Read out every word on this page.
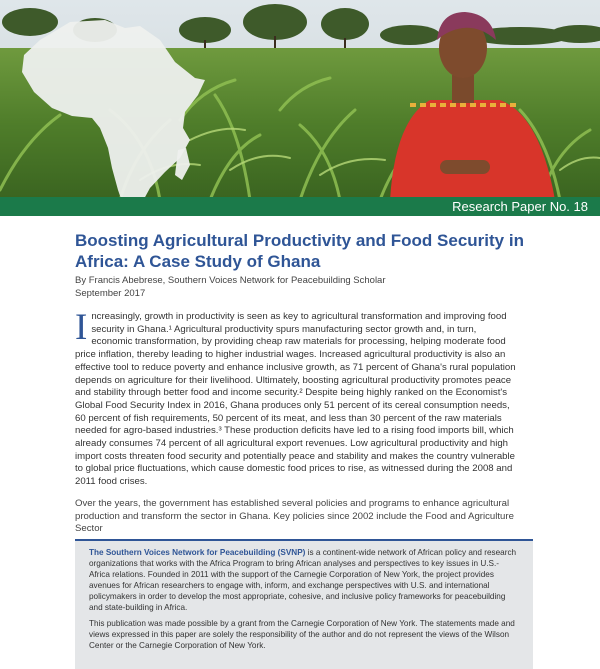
Research Paper No. 18
Boosting Agricultural Productivity and Food Security in Africa: A Case Study of Ghana
By Francis Abebrese, Southern Voices Network for Peacebuilding Scholar
September 2017
Increasingly, growth in productivity is seen as key to agricultural transformation and improving food security in Ghana.¹ Agricultural productivity spurs manufacturing sector growth and, in turn, economic transformation, by providing cheap raw materials for processing, helping moderate food price inflation, thereby leading to higher industrial wages. Increased agricultural productivity is also an effective tool to reduce poverty and enhance inclusive growth, as 71 percent of Ghana's rural population depends on agriculture for their livelihood. Ultimately, boosting agricultural productivity promotes peace and stability through better food and income security.² Despite being highly ranked on the Economist's Global Food Security Index in 2016, Ghana produces only 51 percent of its cereal consumption needs, 60 percent of fish requirements, 50 percent of its meat, and less than 30 percent of the raw materials needed for agro-based industries.³ These production deficits have led to a rising food imports bill, which already consumes 74 percent of all agricultural export revenues. Low agricultural productivity and high import costs threaten food security and potentially peace and stability and makes the country vulnerable to global price fluctuations, which cause domestic food prices to rise, as witnessed during the 2008 and 2011 food crises.
Over the years, the government has established several policies and programs to enhance agricultural production and transform the sector in Ghana. Key policies since 2002 include the Food and Agriculture Sector

The Southern Voices Network for Peacebuilding (SVNP) is a continent-wide network of African policy and research organizations that works with the Africa Program to bring African analyses and perspectives to key issues in U.S.-Africa relations. Founded in 2011 with the support of the Carnegie Corporation of New York, the project provides avenues for African researchers to engage with, inform, and exchange perspectives with U.S. and international policymakers in order to develop the most appropriate, cohesive, and inclusive policy frameworks for peacebuilding and state-building in Africa.

This publication was made possible by a grant from the Carnegie Corporation of New York. The statements made and views expressed in this paper are solely the responsibility of the author and do not represent the views of the Wilson Center or the Carnegie Corporation of New York.
